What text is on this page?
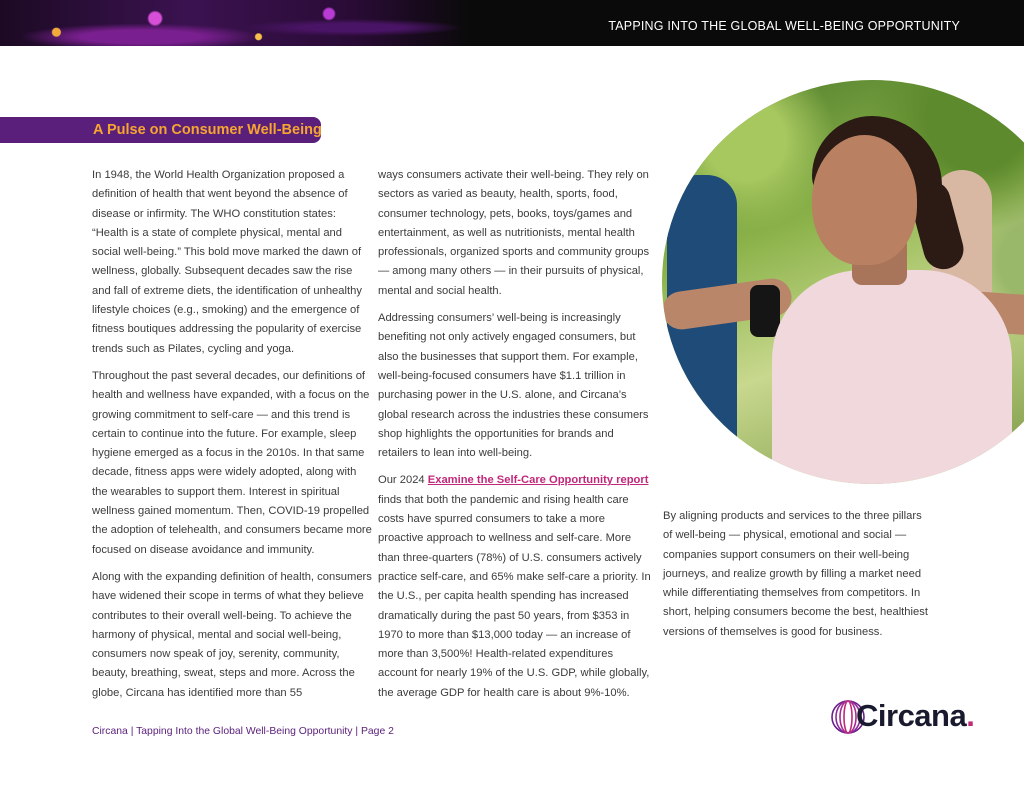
TAPPING INTO THE GLOBAL WELL-BEING OPPORTUNITY
A Pulse on Consumer Well-Being

In 1948, the World Health Organization proposed a definition of health that went beyond the absence of disease or infirmity. The WHO constitution states: “Health is a state of complete physical, mental and social well-being.” This bold move marked the dawn of wellness, globally. Subsequent decades saw the rise and fall of extreme diets, the identification of unhealthy lifestyle choices (e.g., smoking) and the emergence of fitness boutiques addressing the popularity of exercise trends such as Pilates, cycling and yoga.

Throughout the past several decades, our definitions of health and wellness have expanded, with a focus on the growing commitment to self-care — and this trend is certain to continue into the future. For example, sleep hygiene emerged as a focus in the 2010s. In that same decade, fitness apps were widely adopted, along with the wearables to support them. Interest in spiritual wellness gained momentum. Then, COVID-19 propelled the adoption of telehealth, and consumers became more focused on disease avoidance and immunity.

Along with the expanding definition of health, consumers have widened their scope in terms of what they believe contributes to their overall well-being. To achieve the harmony of physical, mental and social well-being, consumers now speak of joy, serenity, community, beauty, breathing, sweat, steps and more. Across the globe, Circana has identified more than 55

ways consumers activate their well-being. They rely on sectors as varied as beauty, health, sports, food, consumer technology, pets, books, toys/games and entertainment, as well as nutritionists, mental health professionals, organized sports and community groups — among many others — in their pursuits of physical, mental and social health.

Addressing consumers’ well-being is increasingly benefiting not only actively engaged consumers, but also the businesses that support them. For example, well-being-focused consumers have $1.1 trillion in purchasing power in the U.S. alone, and Circana’s global research across the industries these consumers shop highlights the opportunities for brands and retailers to lean into well-being.

Our 2024 Examine the Self-Care Opportunity report finds that both the pandemic and rising health care costs have spurred consumers to take a more proactive approach to wellness and self-care. More than three-quarters (78%) of U.S. consumers actively practice self-care, and 65% make self-care a priority. In the U.S., per capita health spending has increased dramatically during the past 50 years, from $353 in 1970 to more than $13,000 today — an increase of more than 3,500%! Health-related expenditures account for nearly 19% of the U.S. GDP, while globally, the average GDP for health care is about 9%-10%.

By aligning products and services to the three pillars of well-being — physical, emotional and social — companies support consumers on their well-being journeys, and realize growth by filling a market need while differentiating themselves from competitors. In short, helping consumers become the best, healthiest versions of themselves is good for business.

Circana | Tapping Into the Global Well-Being Opportunity | Page 2	Circana.
